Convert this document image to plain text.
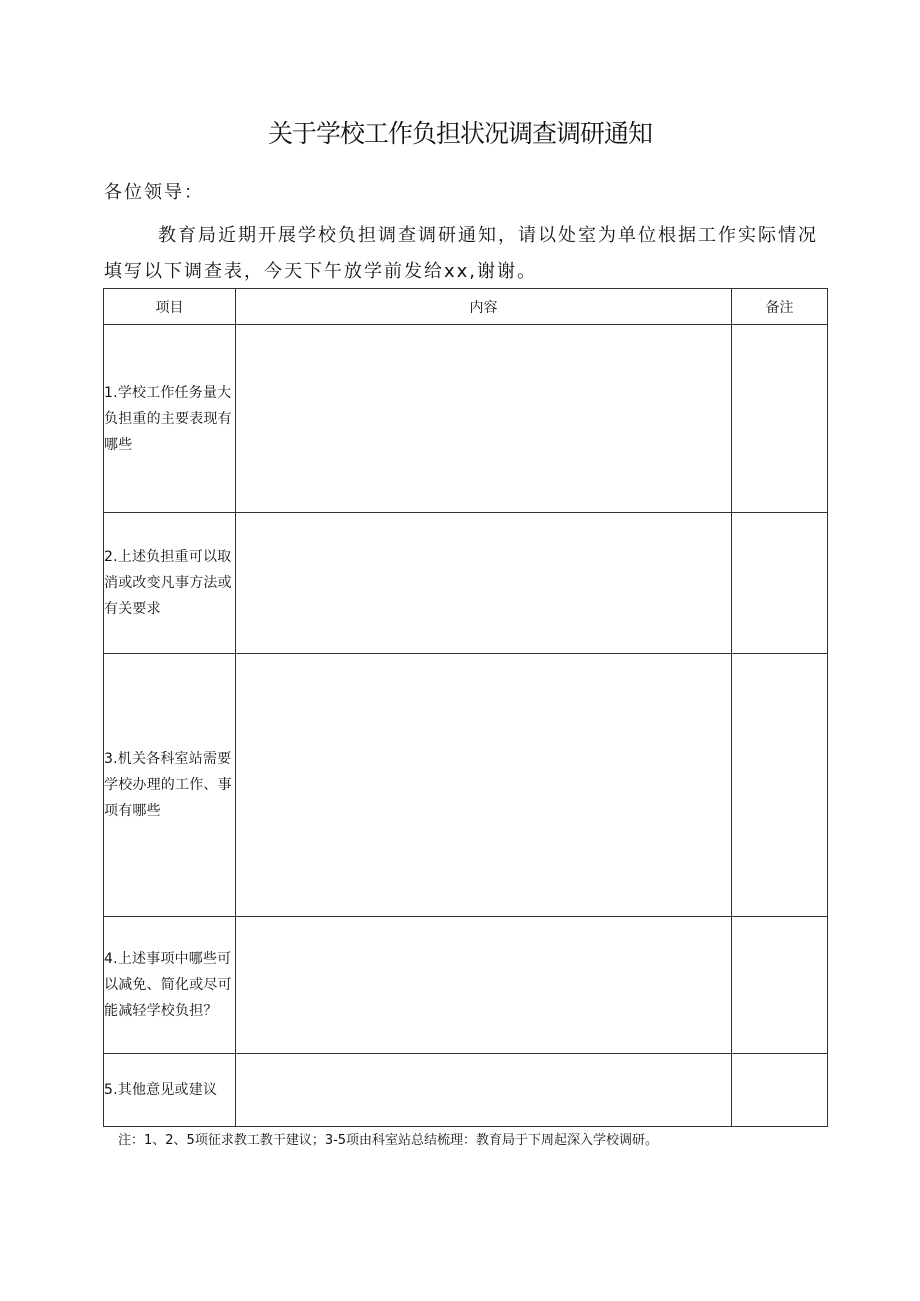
关于学校工作负担状况调查调研通知
各位领导：

教育局近期开展学校负担调查调研通知，请以处室为单位根据工作实际情况填写以下调查表，今天下午放学前发给xx,谢谢。

项目	内容	备注

1.学校工作任务量大负担重的主要表现有哪些		

2.上述负担重可以取消或改变凡事方法或有关要求		

3.机关各科室站需要学校办理的工作、事项有哪些		

4.上述事项中哪些可以减免、简化或尽可能减轻学校负担？		

5.其他意见或建议		

注：1、2、5项征求教工教干建议；3-5项由科室站总结梳理：教育局于下周起深入学校调研。
